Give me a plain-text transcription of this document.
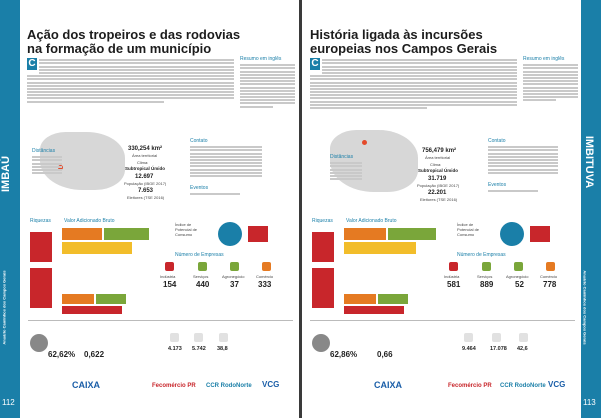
IMBAÚ
Anuário Caminhos dos Campos Gerais
112
Ação dos tropeiros e das rodovias
na formação de um município
C	Resumo em inglês
Distâncias	330,254 km²
Área territorial
Clima:
Subtropical Úmido
12.697
População (IBGE 2017)
7.653
Eleitores (TSE 2016)
Contato
Eventos
Riquezas	Valor Adicionado Bruto
Índice de
Potencial de
Consumo
Número de Empresas
Indústria	Serviços	Agronegócio	Comércio
154 440	37 333
62,62% 0,622
4.173 5.742 38,8
CAIXA	Fecomércio PR CCR RodoNorte VCG
IMBITUVA
Anuário Caminhos dos Campos Gerais
113
História ligada às incursões
europeias nos Campos Gerais
C	Resumo em inglês
Distâncias
756,479 km²
Área territorial
Clima:
Subtropical Úmido
31.719
População (IBGE 2017)
22.201
Eleitores (TSE 2016)
Contato
Eventos
Riquezas	Valor Adicionado Bruto
Índice de
Potencial de
Consumo
Número de Empresas
Indústria	Serviços	Agronegócio	Comércio
581 889	52 778
62,86% 0,66
9.464	17.078 42,6
CAIXA	Fecomércio PR CCR RodoNorte VCG
